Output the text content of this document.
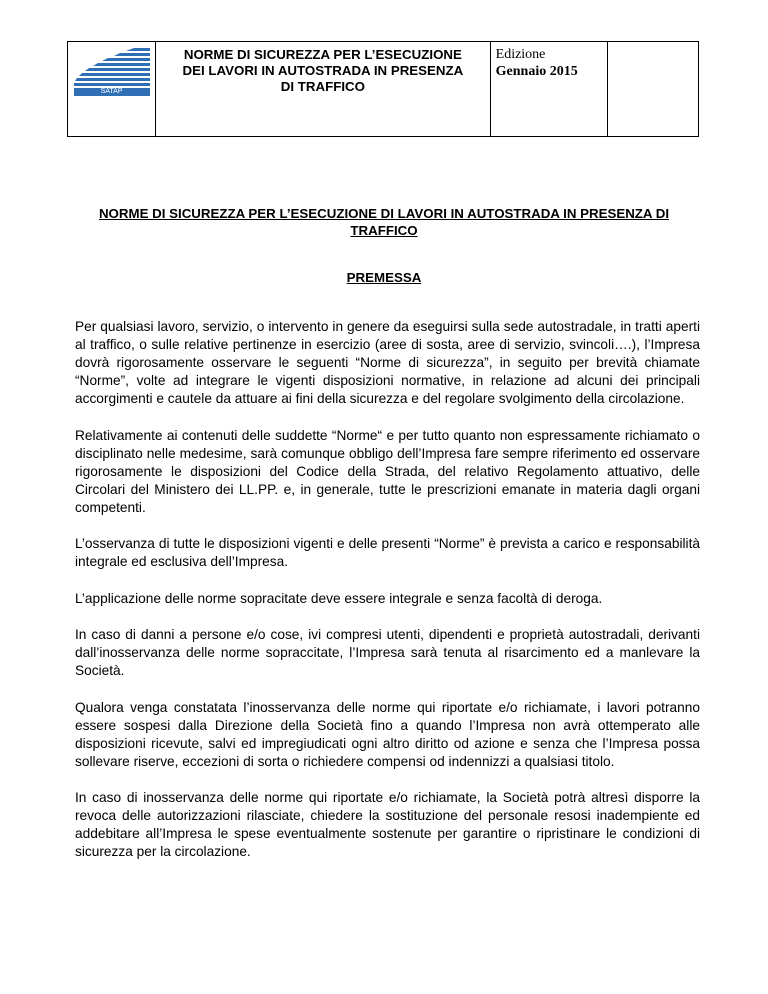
SATAP

NORME DI SICUREZZA PER L’ESECUZIONE
DEI LAVORI IN AUTOSTRADA IN PRESENZA
DI TRAFFICO
	Edizione
Gennaio 2015

NORME DI SICUREZZA PER L’ESECUZIONE DI LAVORI IN AUTOSTRADA IN PRESENZA DI TRAFFICO
PREMESSA

Per qualsiasi lavoro, servizio, o intervento in genere da eseguirsi sulla sede autostradale, in tratti aperti al traffico, o sulle relative pertinenze in esercizio (aree di sosta, aree di servizio, svincoli….), l’Impresa dovrà rigorosamente osservare le seguenti “Norme di sicurezza”, in seguito per brevità chiamate “Norme”, volte ad integrare le vigenti disposizioni normative, in relazione ad alcuni dei principali accorgimenti e cautele da attuare ai fini della sicurezza e del regolare svolgimento della circolazione.

Relativamente ai contenuti delle suddette “Norme“ e per tutto quanto non espressamente richiamato o disciplinato nelle medesime, sarà comunque obbligo dell’Impresa fare sempre riferimento ed osservare rigorosamente le disposizioni del Codice della Strada, del relativo Regolamento attuativo, delle Circolari del Ministero dei LL.PP. e, in generale, tutte le prescrizioni emanate in materia dagli organi competenti.

L’osservanza di tutte le disposizioni vigenti e delle presenti “Norme” è prevista a carico e responsabilità integrale ed esclusiva dell’Impresa.

L’applicazione delle norme sopracitate deve essere integrale e senza facoltà di deroga.

In caso di danni a persone e/o cose, ivi compresi utenti, dipendenti e proprietà autostradali, derivanti dall’inosservanza delle norme sopraccitate, l’Impresa sarà tenuta al risarcimento ed a manlevare la Società.

Qualora venga constatata l’inosservanza delle norme qui riportate e/o richiamate, i lavori potranno essere sospesi dalla Direzione della Società fino a quando l’Impresa non avrà ottemperato alle disposizioni ricevute, salvi ed impregiudicati ogni altro diritto od azione e senza che l’Impresa possa sollevare riserve, eccezioni di sorta o richiedere compensi od indennizzi a qualsiasi titolo.

In caso di inosservanza delle norme qui riportate e/o richiamate, la Società potrà altresì disporre la revoca delle autorizzazioni rilasciate, chiedere la sostituzione del personale resosi inadempiente ed addebitare all’Impresa le spese eventualmente sostenute per garantire o ripristinare le condizioni di sicurezza per la circolazione.
